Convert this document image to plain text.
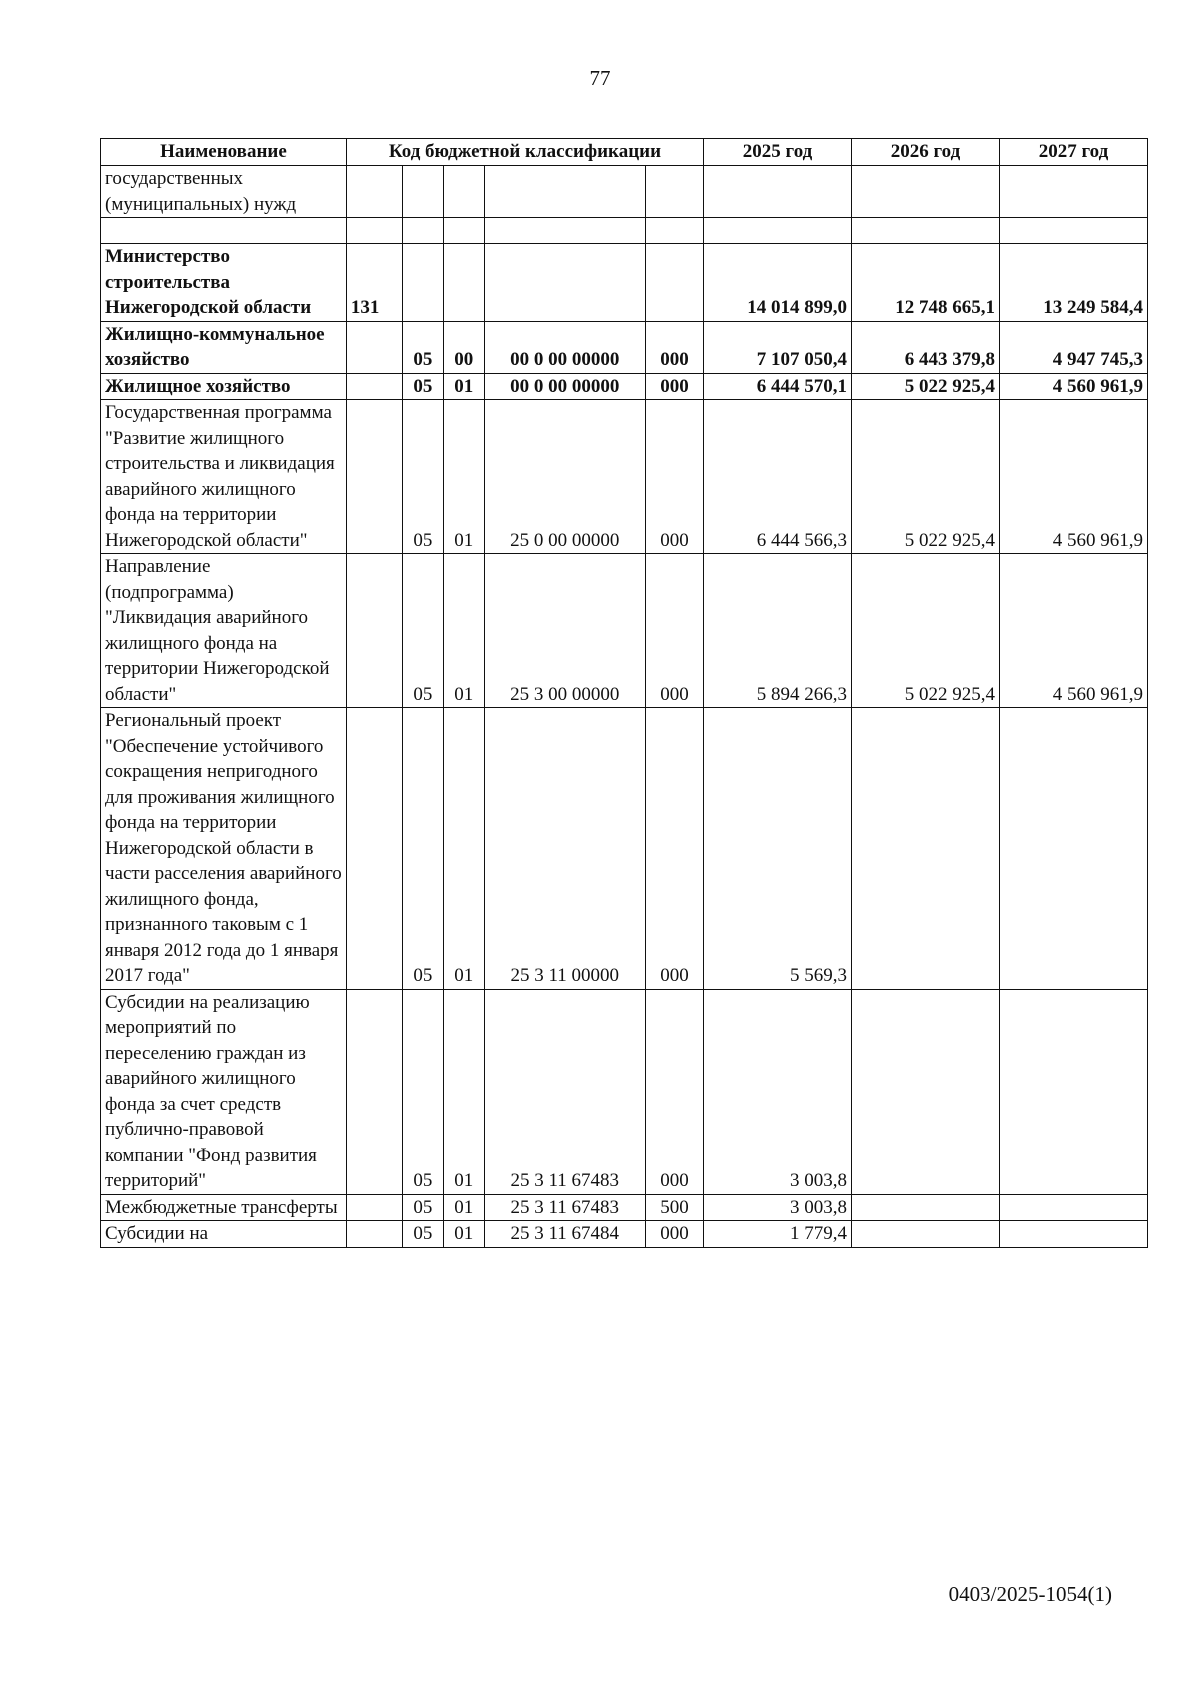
77
Наименование	Код бюджетной классификации					2025 год	2026 год	2027 год
государственных (муниципальных) нужд								

Министерство строительства Нижегородской области	131					14 014 899,0	12 748 665,1	13 249 584,4
Жилищно-коммунальное хозяйство		05	00	00 0 00 00000	000	7 107 050,4	6 443 379,8	4 947 745,3
Жилищное хозяйство		05	01	00 0 00 00000	000	6 444 570,1	5 022 925,4	4 560 961,9
Государственная программа "Развитие жилищного строительства и ликвидация аварийного жилищного фонда на территории Нижегородской области"		05	01	25 0 00 00000	000	6 444 566,3	5 022 925,4	4 560 961,9
Направление (подпрограмма) "Ликвидация аварийного жилищного фонда на территории Нижегородской области"		05	01	25 3 00 00000	000	5 894 266,3	5 022 925,4	4 560 961,9
Региональный проект "Обеспечение устойчивого сокращения непригодного для проживания жилищного фонда на территории Нижегородской области в части расселения аварийного жилищного фонда, признанного таковым с 1 января 2012 года до 1 января 2017 года"		05	01	25 3 11 00000	000	5 569,3		
Субсидии на реализацию мероприятий по переселению граждан из аварийного жилищного фонда за счет средств публично-правовой компании "Фонд развития территорий"		05	01	25 3 11 67483	000	3 003,8		
Межбюджетные трансферты		05	01	25 3 11 67483	500	3 003,8		
Субсидии на		05	01	25 3 11 67484	000	1 779,4		
0403/2025-1054(1)
